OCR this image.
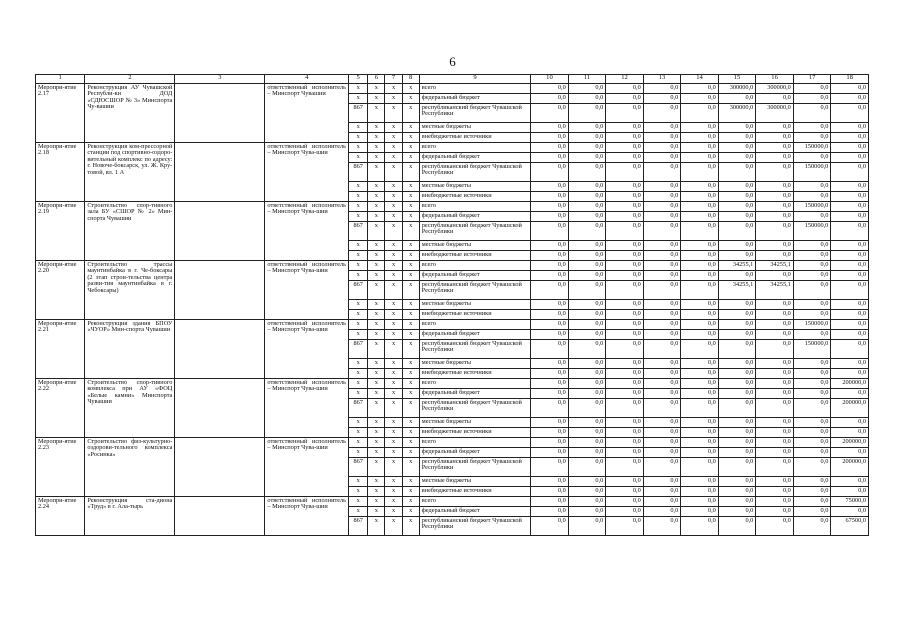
6
1	2	3	4	5	6	7	8	9	10	11	12	13	14	15	16	17	18
Меропри-ятие 2.17	Реконструкция АУ Чувашской Республи-ки ДОД «СДЮСШОР № 3» Минспорта Чу-вашии		ответственный исполнитель – Минспорт Чувашии	х	х	х	х	всего	0,0	0,0	0,0	0,0	0,0	300000,0	300000,0	0,0	0,0
				х	х	х	х	федеральный бюджет	0,0	0,0	0,0	0,0	0,0	0,0	0,0	0,0	0,0
				867	х	х	х	республиканский бюджет Чувашской Республики	0,0	0,0	0,0	0,0	0,0	300000,0	300000,0	0,0	0,0
				х	х	х	х	местные бюджеты	0,0	0,0	0,0	0,0	0,0	0,0	0,0	0,0	0,0
				х	х	х	х	внебюджетные источники	0,0	0,0	0,0	0,0	0,0	0,0	0,0	0,0	0,0
Меропри-ятие 2.18	Реконструкция ком-прессорной станции под спортивно-оздоро-вительный комплекс по адресу: г. Новоче-боксарск, ул. Ж. Кру-товой, вл. 1 А		ответственный исполнитель – Минспорт Чува-шии	х	х	х	х	всего	0,0	0,0	0,0	0,0	0,0	0,0	0,0	150000,0	0,0
				х	х	х	х	федеральный бюджет	0,0	0,0	0,0	0,0	0,0	0,0	0,0	0,0	0,0
				867	х	х	х	республиканский бюджет Чувашской Республики	0,0	0,0	0,0	0,0	0,0	0,0	0,0	150000,0	0,0
				х	х	х	х	местные бюджеты	0,0	0,0	0,0	0,0	0,0	0,0	0,0	0,0	0,0
				х	х	х	х	внебюджетные источники	0,0	0,0	0,0	0,0	0,0	0,0	0,0	0,0	0,0
Меропри-ятие 2.19	Строительство спор-тивного зала БУ «СШОР № 2» Мин-спорта Чувашии		ответственный исполнитель – Минспорт Чува-шии	х	х	х	х	всего	0,0	0,0	0,0	0,0	0,0	0,0	0,0	150000,0	0,0
				х	х	х	х	федеральный бюджет	0,0	0,0	0,0	0,0	0,0	0,0	0,0	0,0	0,0
				867	х	х	х	республиканский бюджет Чувашской Республики	0,0	0,0	0,0	0,0	0,0	0,0	0,0	150000,0	0,0
				х	х	х	х	местные бюджеты	0,0	0,0	0,0	0,0	0,0	0,0	0,0	0,0	0,0
				х	х	х	х	внебюджетные источники	0,0	0,0	0,0	0,0	0,0	0,0	0,0	0,0	0,0
Меропри-ятие 2.20	Строительство трассы маунтинбайка в г. Че-боксары (2 этап строи-тельства центра разви-тия маунтинбайка в г. Чебоксары)		ответственный исполнитель – Минспорт Чува-шии	х	х	х	х	всего	0,0	0,0	0,0	0,0	0,0	34255,1	34255,1	0,0	0,0
				х	х	х	х	федеральный бюджет	0,0	0,0	0,0	0,0	0,0	0,0	0,0	0,0	0,0
				867	х	х	х	республиканский бюджет Чувашской Республики	0,0	0,0	0,0	0,0	0,0	34255,1	34255,1	0,0	0,0
				х	х	х	х	местные бюджеты	0,0	0,0	0,0	0,0	0,0	0,0	0,0	0,0	0,0
				х	х	х	х	внебюджетные источники	0,0	0,0	0,0	0,0	0,0	0,0	0,0	0,0	0,0
Меропри-ятие 2.21	Реконструкция здания БПОУ «ЧУОР» Мин-спорта Чувашии		ответственный исполнитель – Минспорт Чува-шии	х	х	х	х	всего	0,0	0,0	0,0	0,0	0,0	0,0	0,0	150000,0	0,0
				х	х	х	х	федеральный бюджет	0,0	0,0	0,0	0,0	0,0	0,0	0,0	0,0	0,0
				867	х	х	х	республиканский бюджет Чувашской Республики	0,0	0,0	0,0	0,0	0,0	0,0	0,0	150000,0	0,0
				х	х	х	х	местные бюджеты	0,0	0,0	0,0	0,0	0,0	0,0	0,0	0,0	0,0
				х	х	х	х	внебюджетные источники	0,0	0,0	0,0	0,0	0,0	0,0	0,0	0,0	0,0
Меропри-ятие 2.22	Строительство спор-тивного комплекса при АУ «ФОЦ «Белые камни» Минспорта Чувашии		ответственный исполнитель – Минспорт Чува-шии	х	х	х	х	всего	0,0	0,0	0,0	0,0	0,0	0,0	0,0	0,0	200000,0
				х	х	х	х	федеральный бюджет	0,0	0,0	0,0	0,0	0,0	0,0	0,0	0,0	0,0
				867	х	х	х	республиканский бюджет Чувашской Республики	0,0	0,0	0,0	0,0	0,0	0,0	0,0	0,0	200000,0
				х	х	х	х	местные бюджеты	0,0	0,0	0,0	0,0	0,0	0,0	0,0	0,0	0,0
				х	х	х	х	внебюджетные источники	0,0	0,0	0,0	0,0	0,0	0,0	0,0	0,0	0,0
Меропри-ятие 2.23	Строительство физ-культурно-оздорови-тельного комплекса «Росинка»		ответственный исполнитель – Минспорт Чува-шии	х	х	х	х	всего	0,0	0,0	0,0	0,0	0,0	0,0	0,0	0,0	200000,0
				х	х	х	х	федеральный бюджет	0,0	0,0	0,0	0,0	0,0	0,0	0,0	0,0	0,0
				867	х	х	х	республиканский бюджет Чувашской Республики	0,0	0,0	0,0	0,0	0,0	0,0	0,0	0,0	200000,0
				х	х	х	х	местные бюджеты	0,0	0,0	0,0	0,0	0,0	0,0	0,0	0,0	0,0
				х	х	х	х	внебюджетные источники	0,0	0,0	0,0	0,0	0,0	0,0	0,0	0,0	0,0
Меропри-ятие 2.24	Реконструкция ста-диона «Труд» в г. Ала-тырь		ответственный исполнитель – Минспорт Чува-шии	х	х	х	х	всего	0,0	0,0	0,0	0,0	0,0	0,0	0,0	0,0	75000,0
				х	х	х	х	федеральный бюджет	0,0	0,0	0,0	0,0	0,0	0,0	0,0	0,0	0,0
				867	х	х	х	республиканский бюджет Чувашской Республики	0,0	0,0	0,0	0,0	0,0	0,0	0,0	0,0	67500,0
